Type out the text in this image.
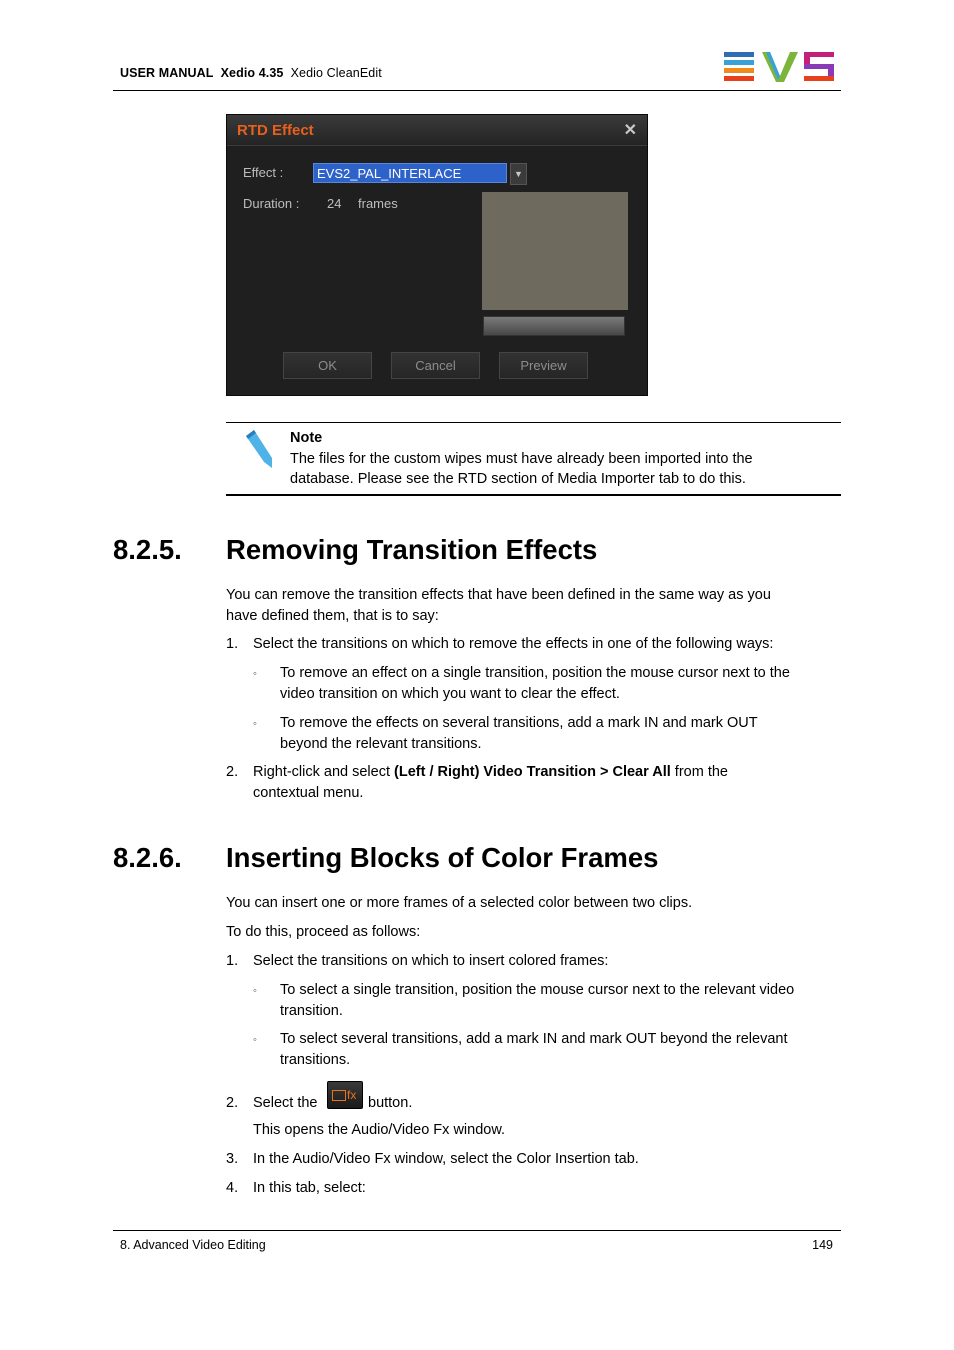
USER MANUAL Xedio 4.35 Xedio CleanEdit
RTD Effect	✕
Effect :	EVS2_PAL_INTERLACE	▼
Duration : 24 frames
OK	Cancel	Preview
Note
The files for the custom wipes must have already been imported into the
database. Please see the RTD section of Media Importer tab to do this.
8.2.5. Removing Transition Effects
You can remove the transition effects that have been defined in the same way as you
have defined them, that is to say:
1. Select the transitions on which to remove the effects in one of the following ways:
◦ To remove an effect on a single transition, position the mouse cursor next to the
video transition on which you want to clear the effect.
◦ To remove the effects on several transitions, add a mark IN and mark OUT
beyond the relevant transitions.
2. Right-click and select (Left / Right) Video Transition > Clear All from the
contextual menu.
8.2.6. Inserting Blocks of Color Frames
You can insert one or more frames of a selected color between two clips.
To do this, proceed as follows:
1. Select the transitions on which to insert colored frames:
◦ To select a single transition, position the mouse cursor next to the relevant video
transition.
◦ To select several transitions, add a mark IN and mark OUT beyond the relevant
transitions.
2. Select the fx button.
This opens the Audio/Video Fx window.
3. In the Audio/Video Fx window, select the Color Insertion tab.
4. In this tab, select:
8. Advanced Video Editing	149
